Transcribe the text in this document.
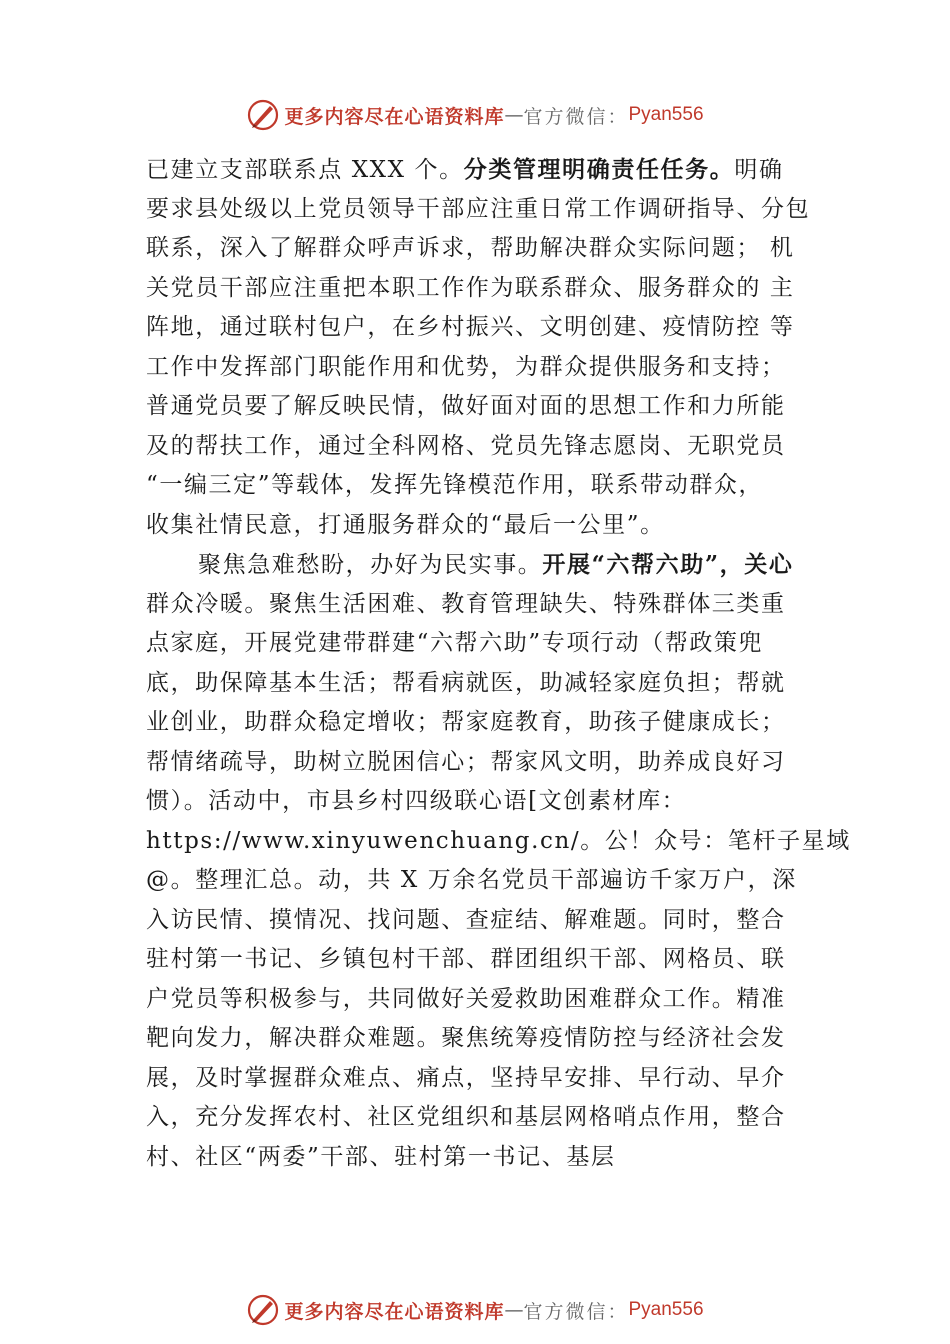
更多内容尽在心语资料库 — 官方微信： Pyan556
已建立支部联系点 XXX 个。分类管理明确责任任务。明确
要求县处级以上党员领导干部应注重日常工作调研指导、分包
联系，深入了解群众呼声诉求，帮助解决群众实际问题； 机
关党员干部应注重把本职工作作为联系群众、服务群众的 主
阵地，通过联村包户，在乡村振兴、文明创建、疫情防控 等
工作中发挥部门职能作用和优势，为群众提供服务和支持；
普通党员要了解反映民情，做好面对面的思想工作和力所能
及的帮扶工作，通过全科网格、党员先锋志愿岗、无职党员
“一编三定”等载体，发挥先锋模范作用，联系带动群众，
收集社情民意，打通服务群众的“最后一公里”。
聚焦急难愁盼，办好为民实事。开展“六帮六助”，关心
群众冷暖。聚焦生活困难、教育管理缺失、特殊群体三类重
点家庭，开展党建带群建“六帮六助”专项行动（帮政策兜
底，助保障基本生活；帮看病就医，助减轻家庭负担；帮就
业创业，助群众稳定增收；帮家庭教育，助孩子健康成长；
帮情绪疏导，助树立脱困信心；帮家风文明，助养成良好习
惯）。活动中，市县乡村四级联心语[文创素材库：
https://www.xinyuwenchuang.cn/。公！众号：笔杆子星域
@。整理汇总。动，共 X 万余名党员干部遍访千家万户，深
入访民情、摸情况、找问题、查症结、解难题。同时，整合
驻村第一书记、乡镇包村干部、群团组织干部、网格员、联
户党员等积极参与，共同做好关爱救助困难群众工作。精准
靶向发力，解决群众难题。聚焦统筹疫情防控与经济社会发
展，及时掌握群众难点、痛点，坚持早安排、早行动、早介
入，充分发挥农村、社区党组织和基层网格哨点作用，整合
村、社区“两委”干部、驻村第一书记、基层
更多内容尽在心语资料库 — 官方微信： Pyan556
